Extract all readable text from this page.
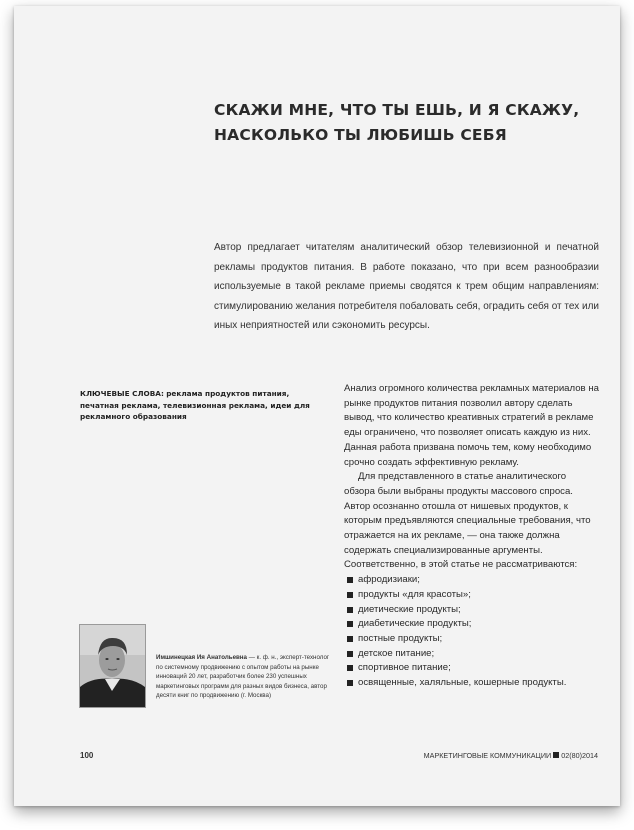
СКАЖИ МНЕ, ЧТО ТЫ ЕШЬ, И Я СКАЖУ,
НАСКОЛЬКО ТЫ ЛЮБИШЬ СЕБЯ

Автор предлагает читателям аналитический обзор телевизионной и печатной рекламы продуктов питания. В работе показано, что при всем разнообразии используемые в такой рекламе приемы сводятся к трем общим направлениям: стимулированию желания потребителя побаловать себя, оградить себя от тех или иных неприятностей или сэкономить ресурсы.

КЛЮЧЕВЫЕ СЛОВА: реклама продуктов питания, печатная реклама, телевизионная реклама, идеи для рекламного образования

Анализ огромного количества рекламных материалов на рынке продуктов питания позволил автору сделать вывод, что количество креативных стратегий в рекламе еды ограничено, что позволяет описать каждую из них. Данная работа призвана помочь тем, кому необходимо срочно создать эффективную рекламу.

Для представленного в статье аналитического обзора были выбраны продукты массового спроса. Автор осознанно отошла от нишевых продуктов, к которым предъявляются специальные требования, что отражается на их рекламе, — она также должна содержать специализированные аргументы. Соответственно, в этой статье не рассматриваются:

афродизиаки;
продукты «для красоты»;
диетические продукты;
диабетические продукты;
постные продукты;
детское питание;
спортивное питание;
освященные, халяльные, кошерные продукты.
Имшинецкая Ия Анатольевна — к. ф. н., эксперт-технолог по системному продвижению с опытом работы на рынке инноваций 20 лет, разработчик более 230 успешных маркетинговых программ для разных видов бизнеса, автор десяти книг по продвижению (г. Москва)
100	МАРКЕТИНГОВЫЕ КОММУНИКАЦИИ 02(80)2014
